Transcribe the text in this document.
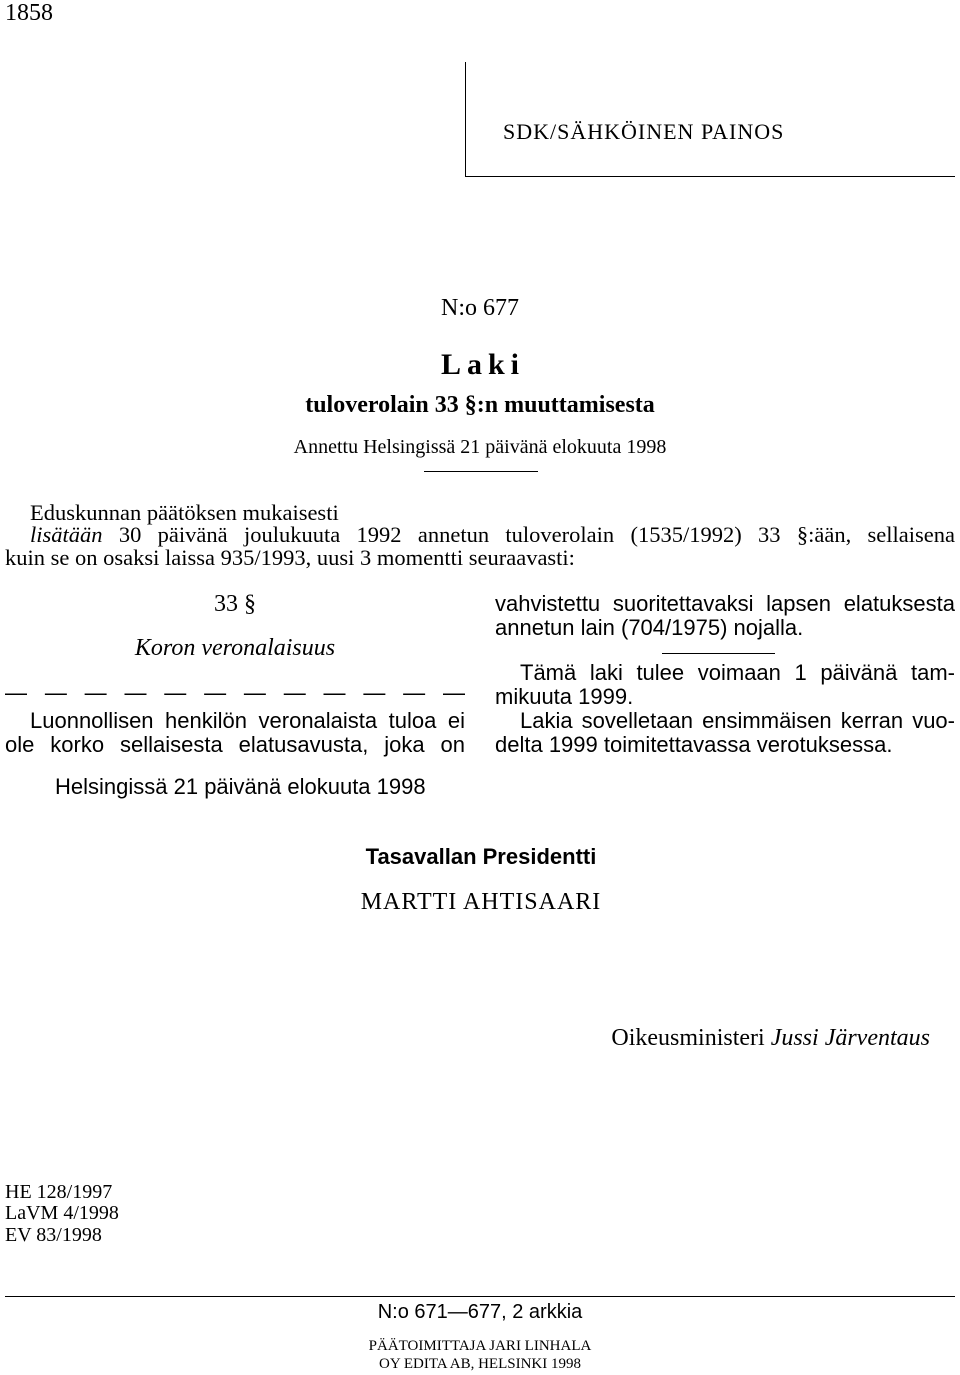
1858
SDK/SÄHKÖINEN PAINOS
N:o 677
Laki
tuloverolain 33 §:n muuttamisesta
Annettu Helsingissä 21 päivänä elokuuta 1998
Eduskunnan päätöksen mukaisesti
lisätään 30 päivänä joulukuuta 1992 annetun tuloverolain (1535/1992) 33 §:ään, sellaisena
kuin se on osaksi laissa 935/1993, uusi 3 momentti seuraavasti:
33 §
Koron veronalaisuus
— — — — — — — — — — — —
Luonnollisen henkilön veronalaista tuloa ei
ole korko sellaisesta elatusavusta, joka on
vahvistettu suoritettavaksi lapsen elatuksesta
annetun lain (704/1975) nojalla.
Tämä laki tulee voimaan 1 päivänä tam-
mikuuta 1999.
Lakia sovelletaan ensimmäisen kerran vuo-
delta 1999 toimitettavassa verotuksessa.
Helsingissä 21 päivänä elokuuta 1998
Tasavallan Presidentti
MARTTI AHTISAARI
Oikeusministeri Jussi Järventaus
HE 128/1997
LaVM 4/1998
EV 83/1998
N:o 671—677, 2 arkkia
PÄÄTOIMITTAJA JARI LINHALA
OY EDITA AB, HELSINKI 1998
